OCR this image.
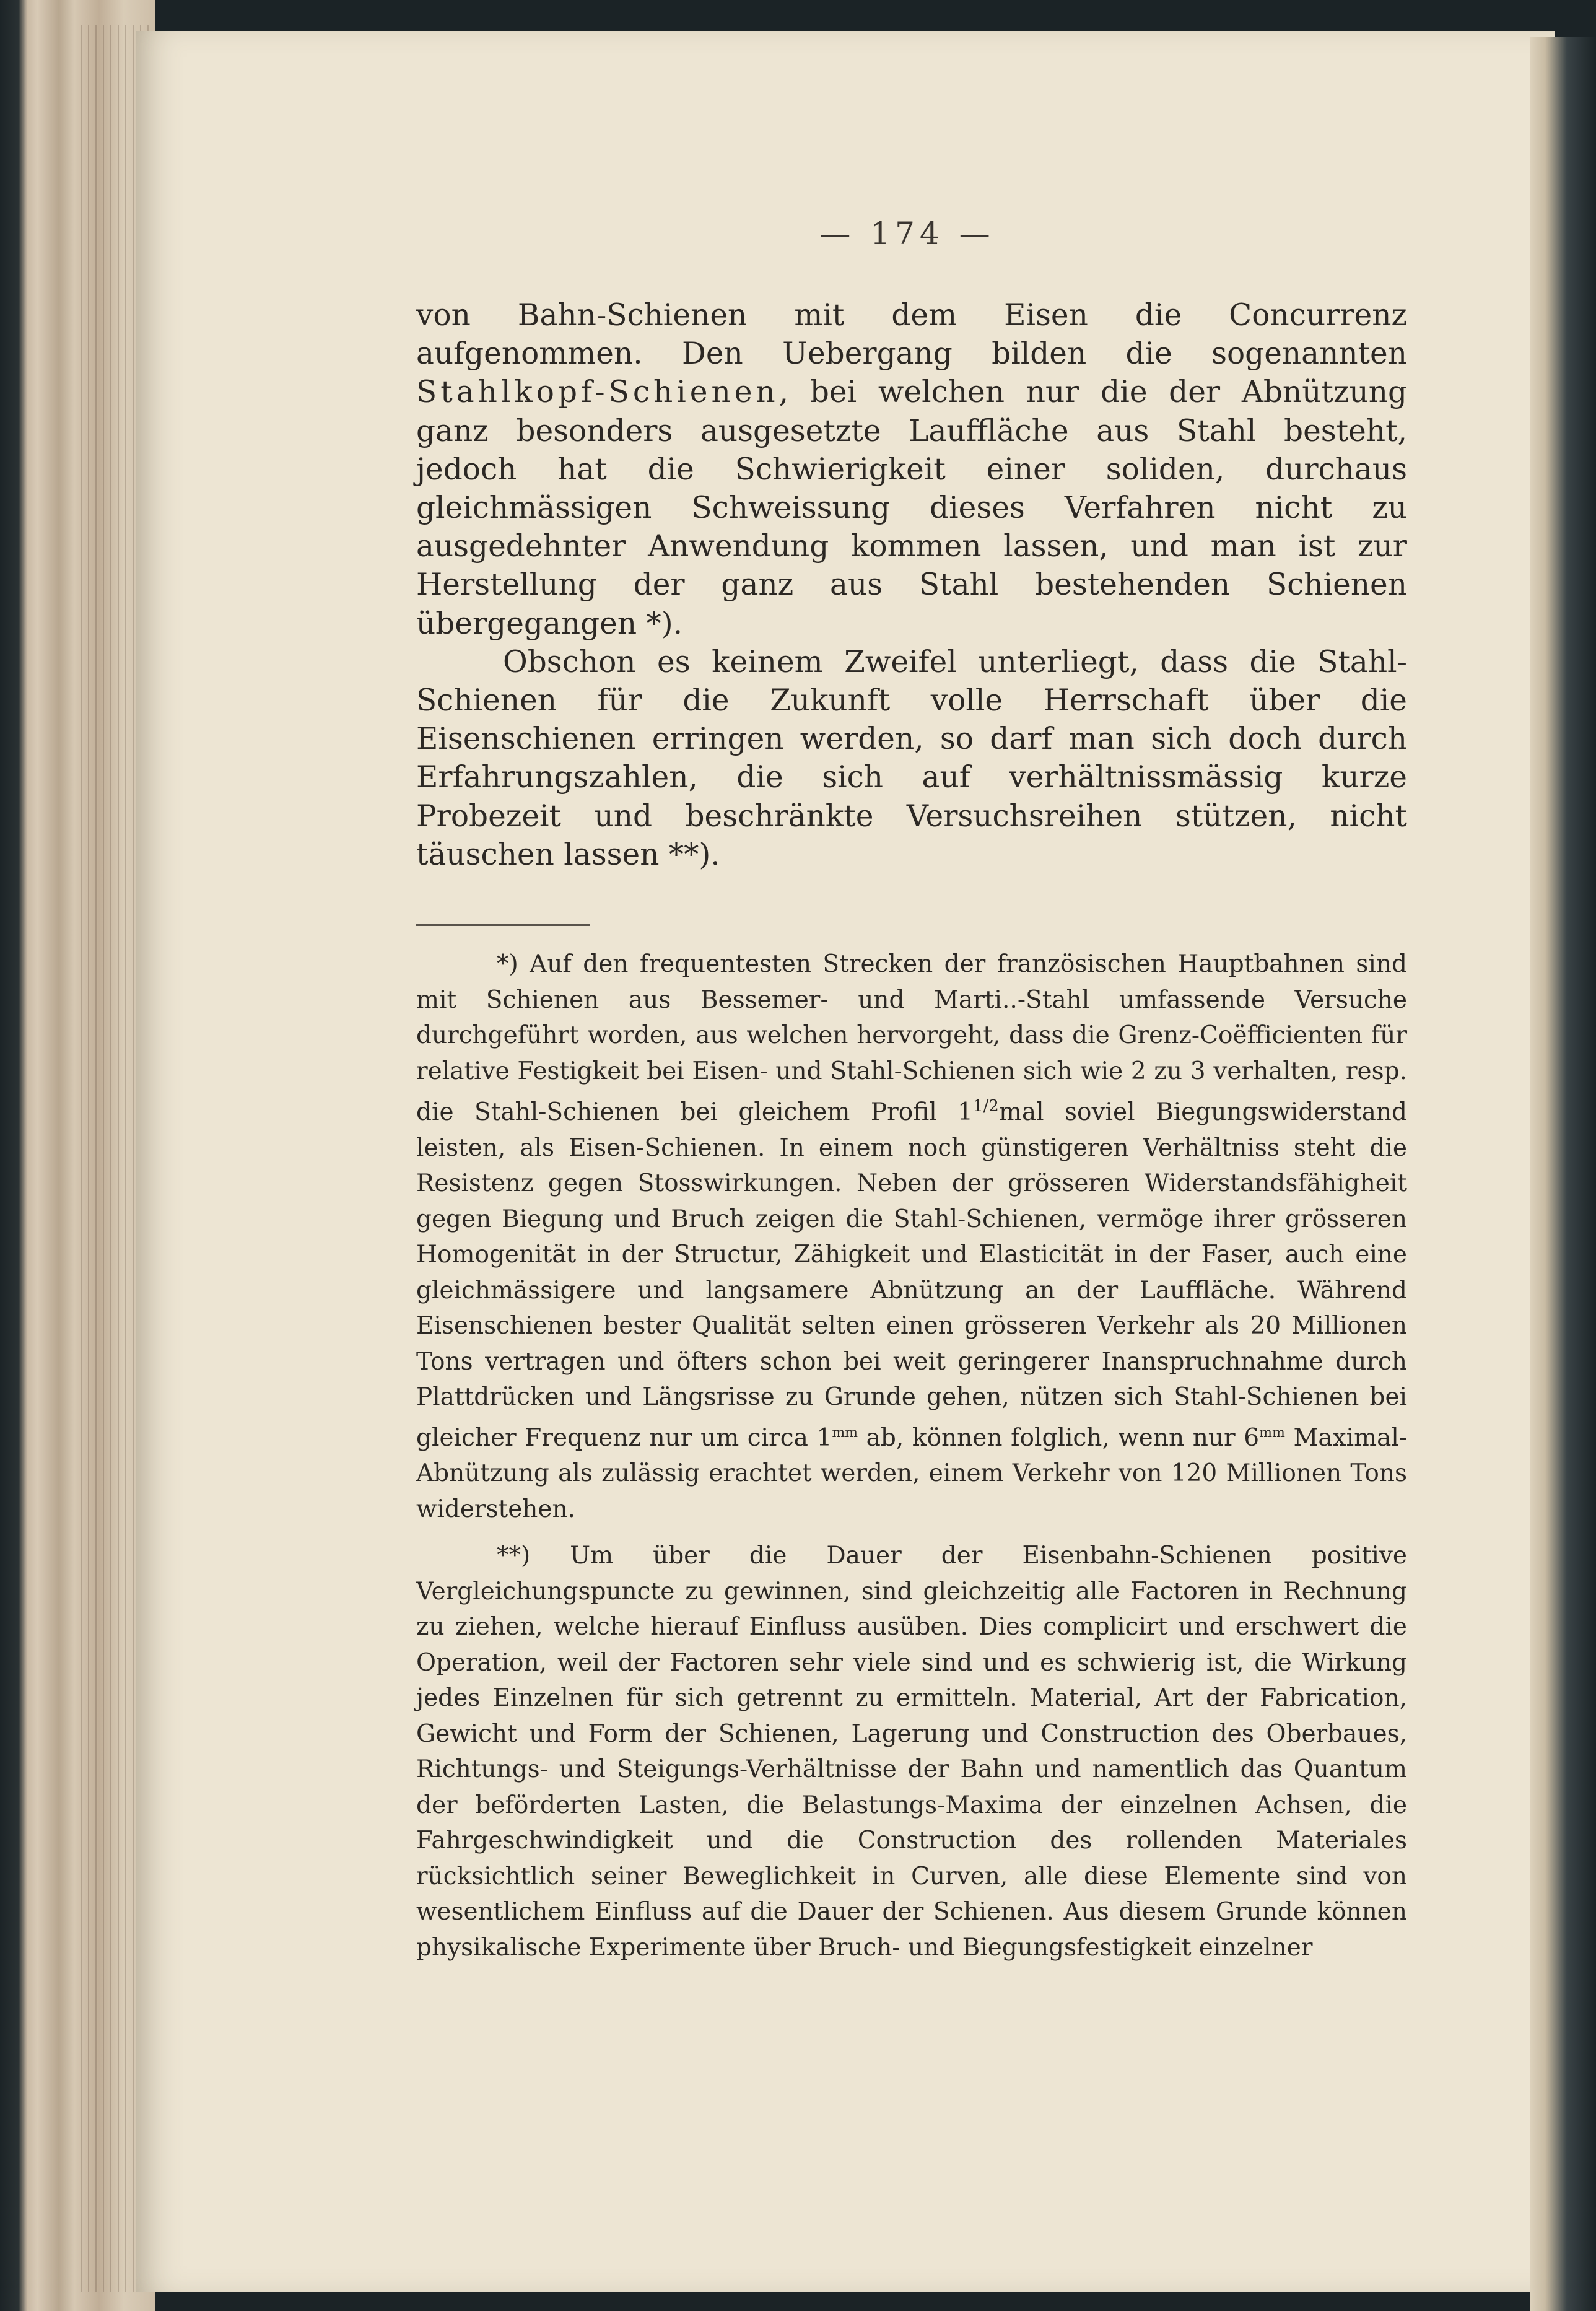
— 174 —

von Bahn-Schienen mit dem Eisen die Concurrenz aufgenommen. Den Uebergang bilden die sogenannten Stahlkopf-Schienen, bei welchen nur die der Abnützung ganz besonders ausgesetzte Lauffläche aus Stahl besteht, jedoch hat die Schwierigkeit einer soliden, durchaus gleichmässigen Schweissung dieses Verfahren nicht zu ausgedehnter Anwendung kommen lassen, und man ist zur Herstellung der ganz aus Stahl bestehenden Schienen übergegangen *).

Obschon es keinem Zweifel unterliegt, dass die Stahl-Schienen für die Zukunft volle Herrschaft über die Eisenschienen erringen werden, so darf man sich doch durch Erfahrungszahlen, die sich auf verhältnissmässig kurze Probezeit und beschränkte Versuchsreihen stützen, nicht täuschen lassen **).

*) Auf den frequentesten Strecken der französischen Hauptbahnen sind mit Schienen aus Bessemer- und Marti..-Stahl umfassende Versuche durchgeführt worden, aus welchen hervorgeht, dass die Grenz-Coëfficienten für relative Festigkeit bei Eisen- und Stahl-Schienen sich wie 2 zu 3 verhalten, resp. die Stahl-Schienen bei gleichem Profil $1^{1/2}mal$ soviel Biegungswiderstand leisten, als Eisen-Schienen. In einem noch günstigeren Verhältniss steht die Resistenz gegen Stosswirkungen. Neben der grösseren Widerstandsfähigheit gegen Biegung und Bruch zeigen die Stahl-Schienen, vermöge ihrer grösseren Homogenität in der Structur, Zähigkeit und Elasticität in der Faser, auch eine gleichmässigere und langsamere Abnützung an der Lauffläche. Während Eisenschienen bester Qualität selten einen grösseren Verkehr als 20 Millionen Tons vertragen und öfters schon bei weit geringerer Inanspruchnahme durch Plattdrücken und Längsrisse zu Grunde gehen, nützen sich Stahl-Schienen bei gleicher Frequenz nur um circa $1^{mm}$ ab, können folglich, wenn nur $6^{mm}$ Maximal-Abnützung als zulässig erachtet werden, einem Verkehr von 120 Millionen Tons widerstehen.

**) Um über die Dauer der Eisenbahn-Schienen positive Vergleichungspuncte zu gewinnen, sind gleichzeitig alle Factoren in Rechnung zu ziehen, welche hierauf Einfluss ausüben. Dies complicirt und erschwert die Operation, weil der Factoren sehr viele sind und es schwierig ist, die Wirkung jedes Einzelnen für sich getrennt zu ermitteln. Material, Art der Fabrication, Gewicht und Form der Schienen, Lagerung und Construction des Oberbaues, Richtungs- und Steigungs-Verhältnisse der Bahn und namentlich das Quantum der beförderten Lasten, die Belastungs-Maxima der einzelnen Achsen, die Fahrgeschwindigkeit und die Construction des rollenden Materiales rücksichtlich seiner Beweglichkeit in Curven, alle diese Elemente sind von wesentlichem Einfluss auf die Dauer der Schienen. Aus diesem Grunde können physikalische Experimente über Bruch- und Biegungsfestigkeit einzelner
